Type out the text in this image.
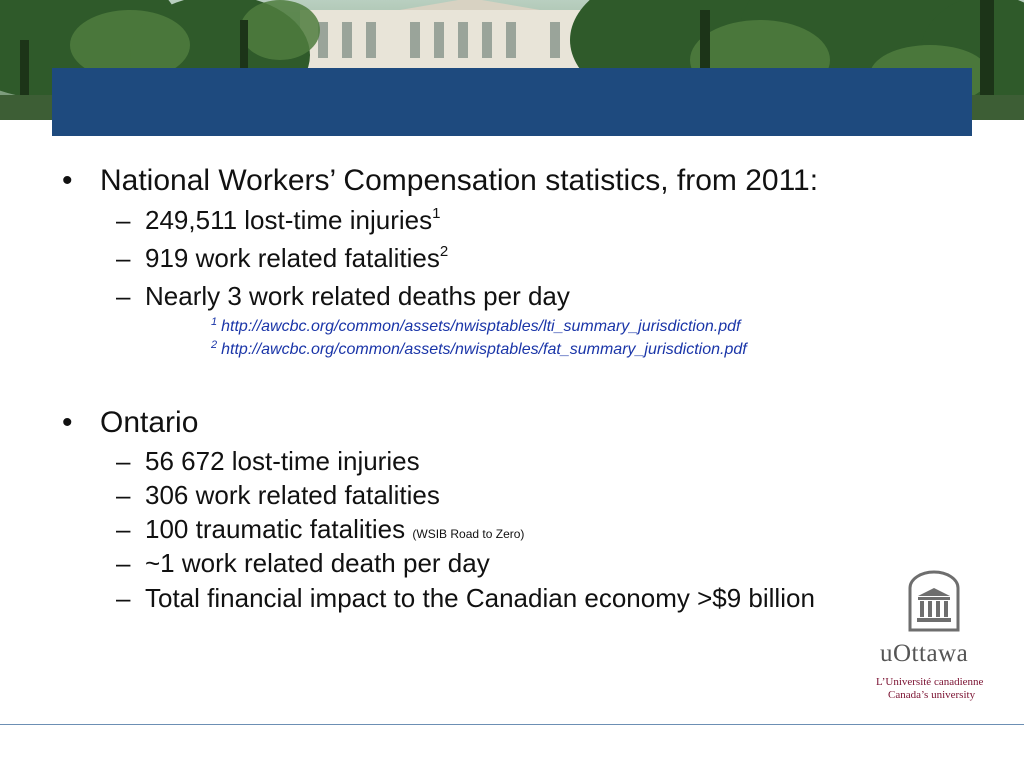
• National Workers’ Compensation statistics, from 2011:
– 249,511 lost-time injuries$^1$
– 919 work related fatalities$^2$
– Nearly 3 work related deaths per day
$^1$ http://awcbc.org/common/assets/nwisptables/lti_summary_jurisdiction.pdf
$^2$ http://awcbc.org/common/assets/nwisptables/fat_summary_jurisdiction.pdf
• Ontario
– 56 672 lost-time injuries
– 306 work related fatalities
– 100 traumatic fatalities (WSIB Road to Zero)
– ~1 work related death per day
– Total financial impact to the Canadian economy >$9 billion
uOttawa
L’Université canadienne
Canada’s university
